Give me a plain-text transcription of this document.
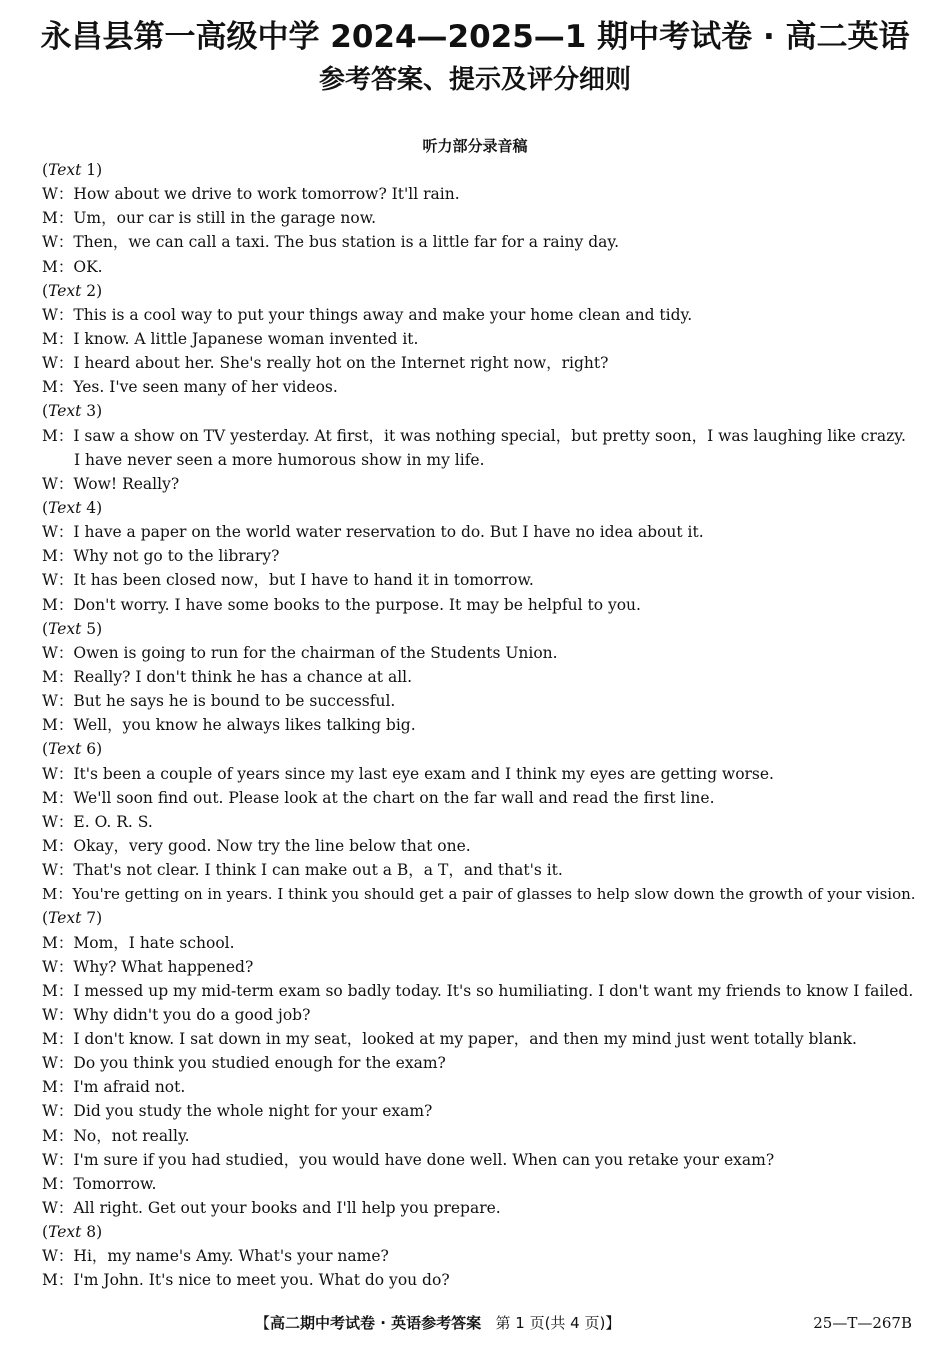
永昌县第一高级中学 2024—2025—1 期中考试卷 · 高二英语
参考答案、提示及评分细则
听力部分录音稿
(Text 1)
W：How about we drive to work tomorrow? It'll rain.
M：Um，our car is still in the garage now.
W：Then，we can call a taxi. The bus station is a little far for a rainy day.
M：OK.
(Text 2)
W：This is a cool way to put your things away and make your home clean and tidy.
M：I know. A little Japanese woman invented it.
W：I heard about her. She's really hot on the Internet right now，right?
M：Yes. I've seen many of her videos.
(Text 3)
M：I saw a show on TV yesterday. At first，it was nothing special，but pretty soon，I was laughing like crazy.
I have never seen a more humorous show in my life.
W：Wow! Really?
(Text 4)
W：I have a paper on the world water reservation to do. But I have no idea about it.
M：Why not go to the library?
W：It has been closed now，but I have to hand it in tomorrow.
M：Don't worry. I have some books to the purpose. It may be helpful to you.
(Text 5)
W：Owen is going to run for the chairman of the Students Union.
M：Really? I don't think he has a chance at all.
W：But he says he is bound to be successful.
M：Well，you know he always likes talking big.
(Text 6)
W：It's been a couple of years since my last eye exam and I think my eyes are getting worse.
M：We'll soon find out. Please look at the chart on the far wall and read the first line.
W：E. O. R. S.
M：Okay，very good. Now try the line below that one.
W：That's not clear. I think I can make out a B，a T，and that's it.
M：You're getting on in years. I think you should get a pair of glasses to help slow down the growth of your vision.
(Text 7)
M：Mom，I hate school.
W：Why? What happened?
M：I messed up my mid-term exam so badly today. It's so humiliating. I don't want my friends to know I failed.
W：Why didn't you do a good job?
M：I don't know. I sat down in my seat，looked at my paper，and then my mind just went totally blank.
W：Do you think you studied enough for the exam?
M：I'm afraid not.
W：Did you study the whole night for your exam?
M：No，not really.
W：I'm sure if you had studied，you would have done well. When can you retake your exam?
M：Tomorrow.
W：All right. Get out your books and I'll help you prepare.
(Text 8)
W：Hi，my name's Amy. What's your name?
M：I'm John. It's nice to meet you. What do you do?
【高二期中考试卷 · 英语参考答案 第 1 页(共 4 页)】	25—T—267B
